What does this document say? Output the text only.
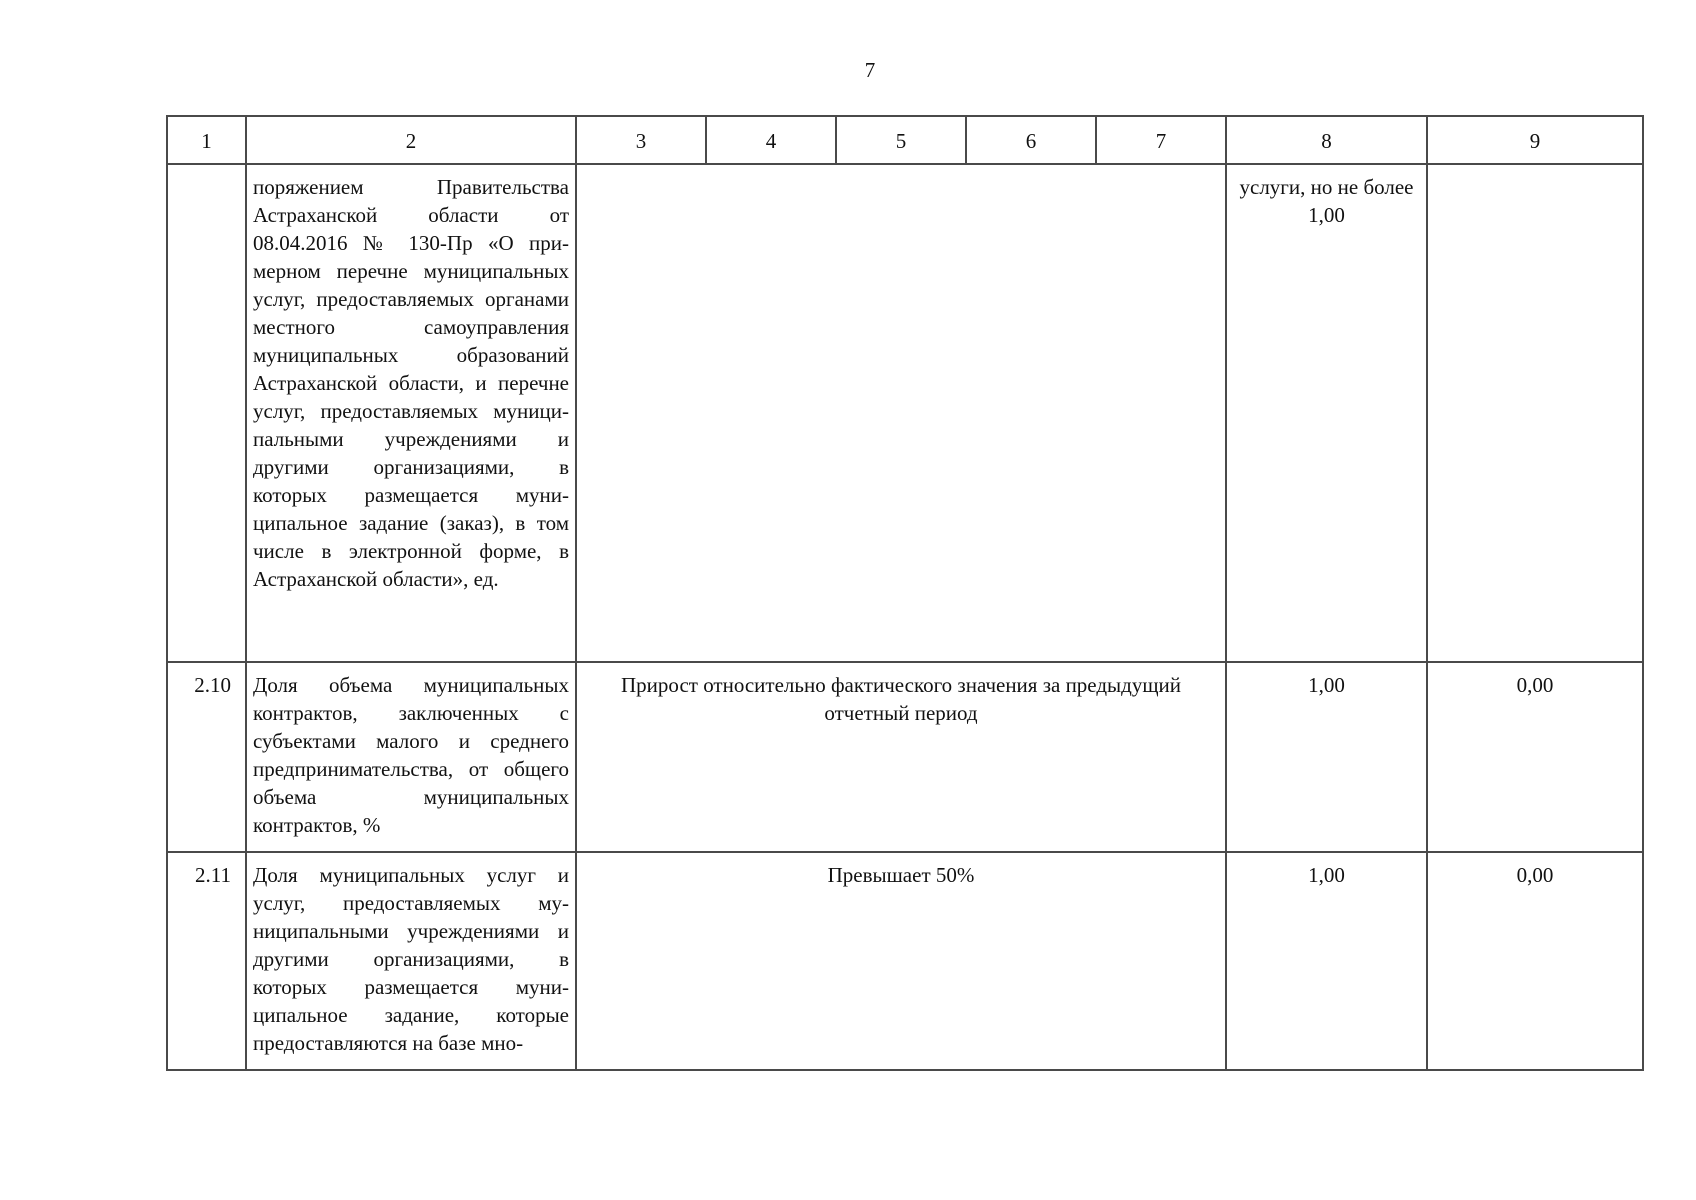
7
1	2	3	4	5	6	7	8	9
	поряжением Правительства Астраханской области от 08.04.2016 № 130-Пр «О примерном перечне муниципальных услуг, предоставляемых органами местного самоуправления муниципальных образований Астраханской области, и перечне услуг, предоставляемых муниципальными учреждениями и другими организациями, в которых размещается муниципальное задание (заказ), в том числе в электронной форме, в Астраханской области», ед.						услуги, но не более 1,00	
2.10	Доля объема муниципальных контрактов, заключенных с субъектами малого и среднего предпринимательства, от общего объема муниципальных контрактов, %	Прирост относительно фактического значения за предыдущий отчетный период					1,00	0,00
2.11	Доля муниципальных услуг и услуг, предоставляемых муниципальными учреждениями и другими организациями, в которых размещается муниципальное задание, которые предоставляются на базе мно-	Превышает 50%					1,00	0,00
